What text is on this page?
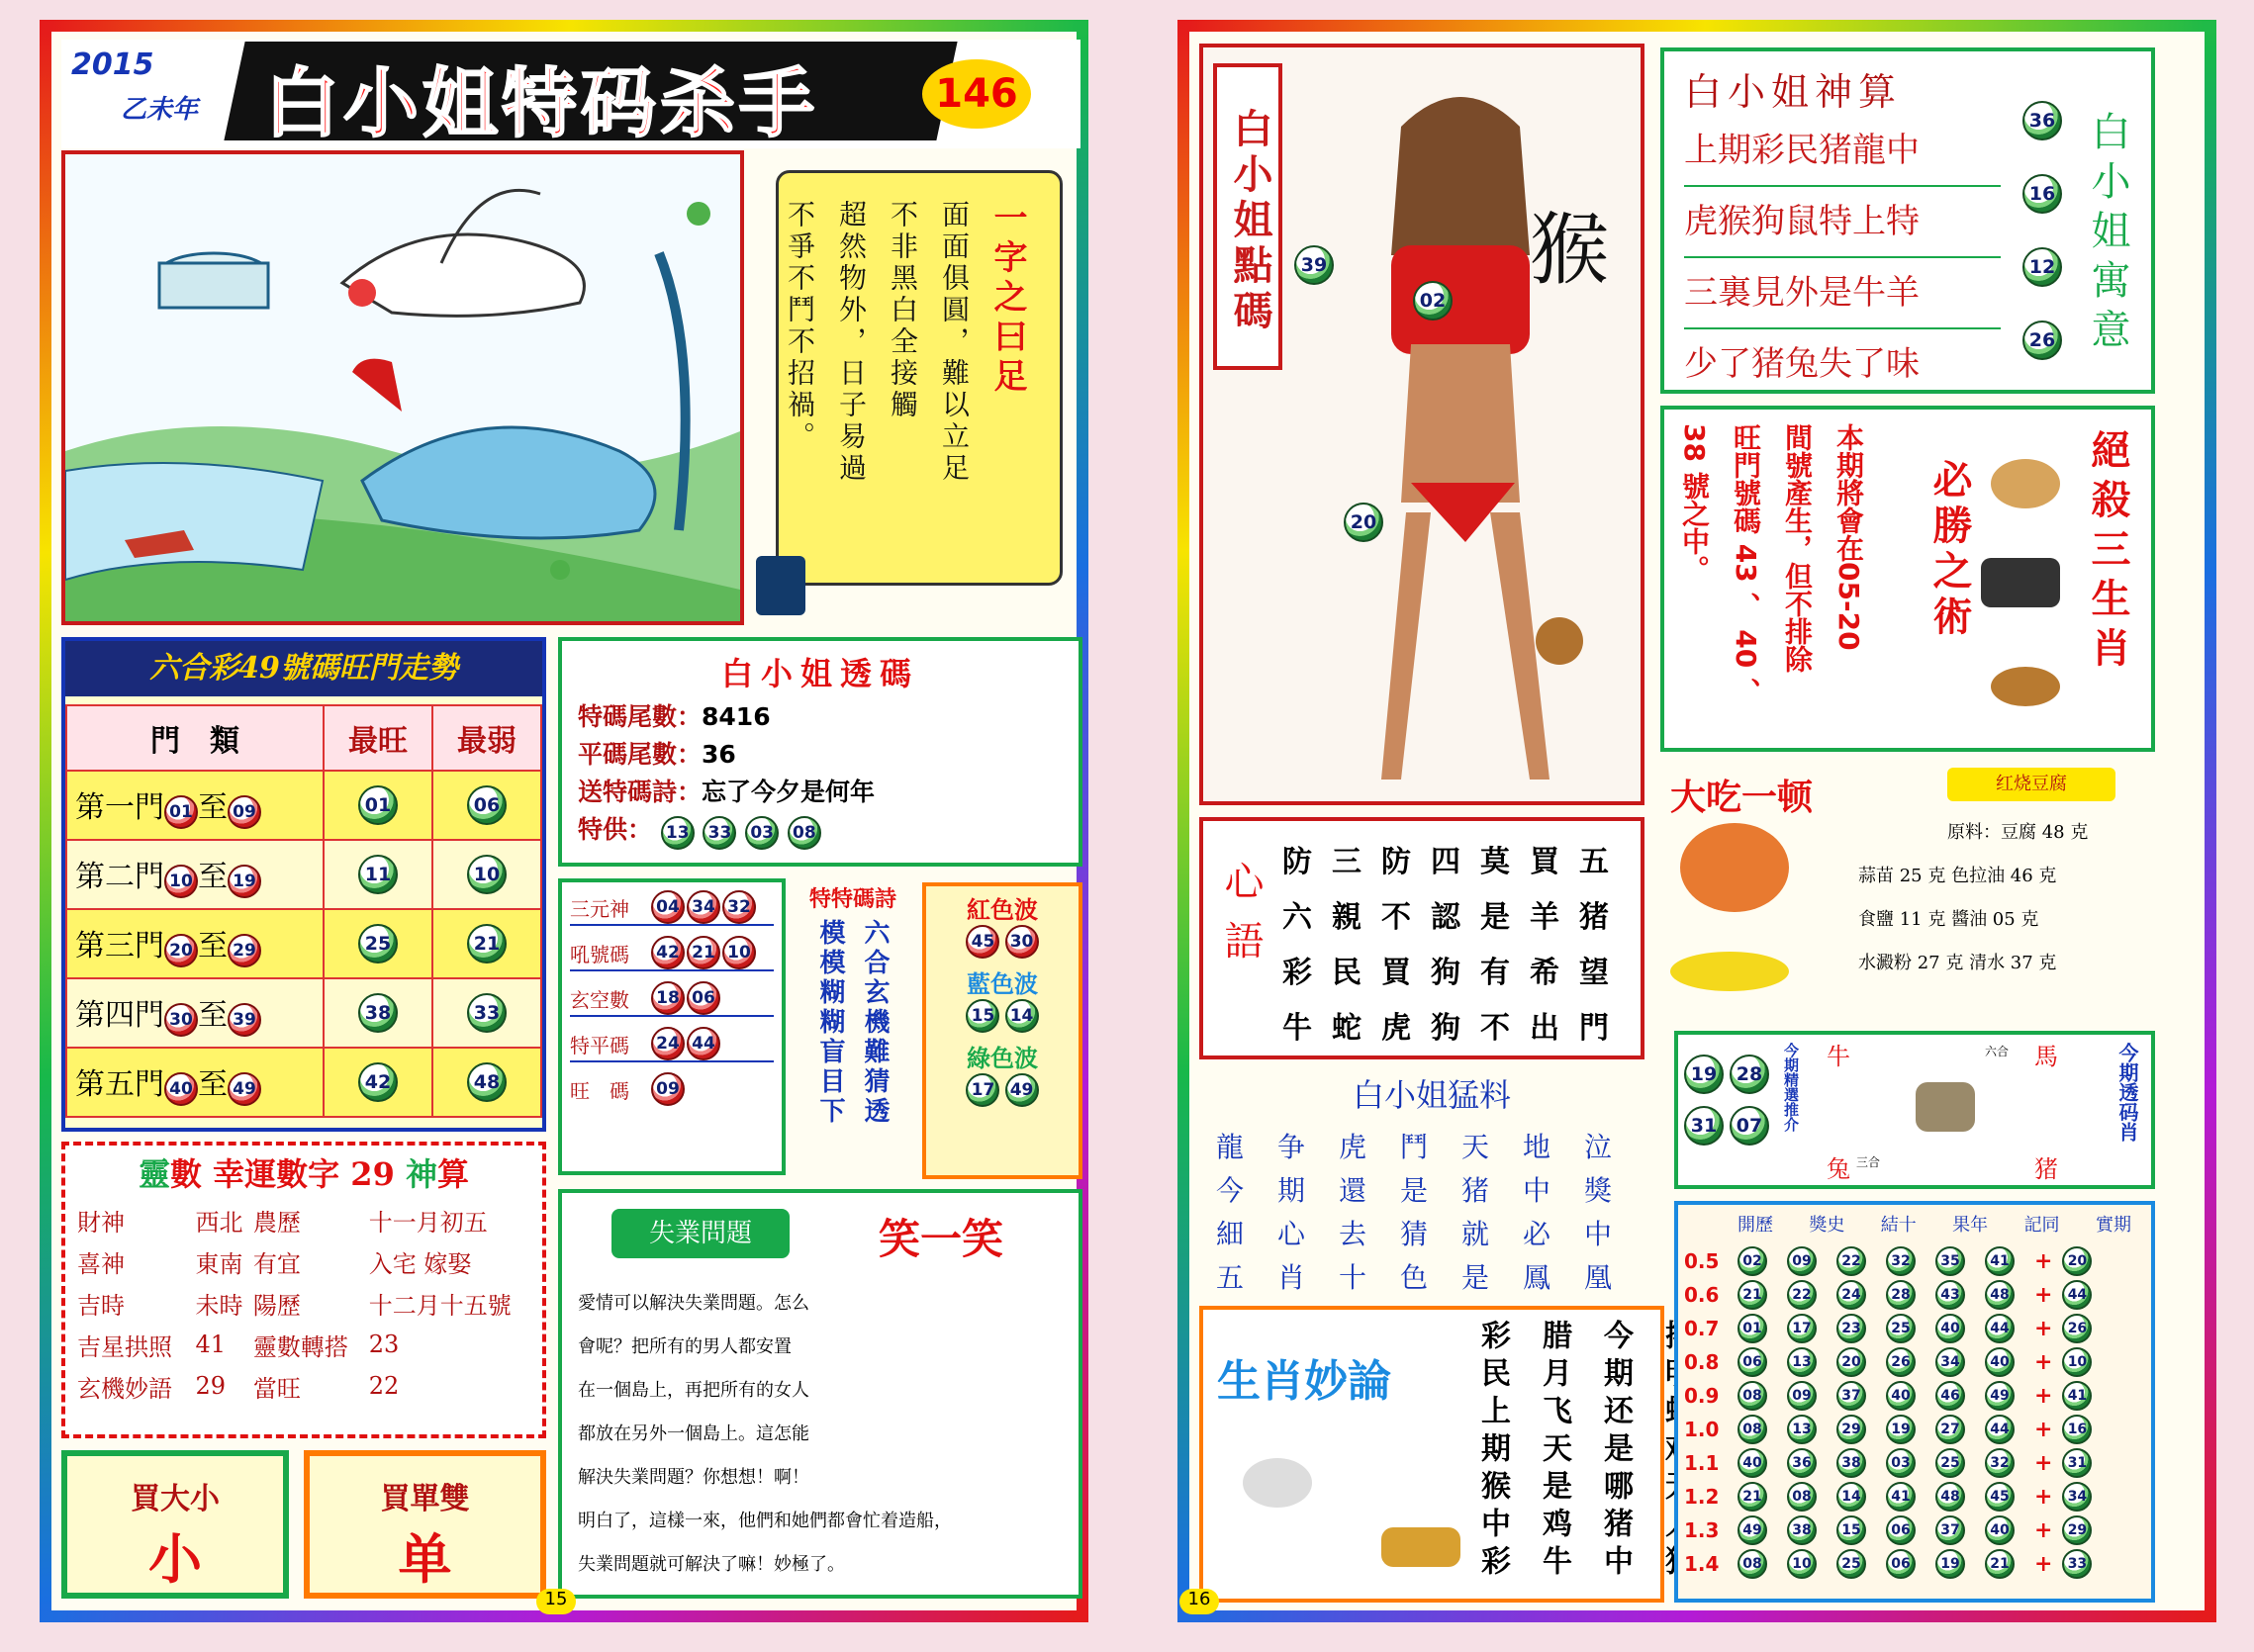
2015
乙未年 白小姐特码杀手	146
一字之曰足
面面俱圓，難以立足
不非黑白全接觸
超然物外，日子易過
不爭不鬥不招禍。
六合彩49號碼旺門走勢
門　類	最旺	最弱
第一門 01 至 09	01	06
第二門 10 至 19	11	10
第三門 20 至 29	25	21
第四門 30 至 39	38	33
第五門 40 至 49	42	48
白小姐透碼
特碼尾數：8416
平碼尾數：36
送特碼詩：忘了今夕是何年
特供： 13 33 03 08
三元神	04 34 32
吼號碼	42 21 10
玄空數	18 06
特平碼	24 44
旺　碼	09
特特碼詩
六合玄機難猜透
模模糊糊盲目下
紅色波
45 30
藍色波
15 14
綠色波
17 49
靈數 幸運數字 29 神算
財神	西北	農歷	十一月初五
喜神	東南	有宜	入宅 嫁娶
吉時	未時	陽歷	十二月十五號
吉星拱照	41	靈數轉搭	23
玄機妙語	29	當旺	22
買大小
小
買單雙
单
失業問題	笑一笑
愛情可以解決失業問題。怎么
會呢？把所有的男人都安置
在一個島上，再把所有的女人
都放在另外一個島上。這怎能
解決失業問題？你想想！啊！
明白了，這樣一來，他們和她們都會忙着造船，
失業問題就可解決了嘛！妙極了。
15
白小姐點碼	猴
39
02
20
白小姐神算
上期彩民猪龍中
虎猴狗鼠特上特
三裏見外是牛羊
少了猪兔失了味
36
16
12
26 白小姐寓意
本期將會在05-20
間號產生，但不排除
旺門號碼 43 、 40 、
38 號之中。	必勝之術	絕殺三生肖
心語 防	三	防	四	莫	買	五
六	親	不	認	是	羊	猪
彩	民	買	狗	有	希	望
牛	蛇	虎	狗	不	出	門
大吃一顿	红烧豆腐
原料：豆腐 48 克
蒜苗 25 克 色拉油 46 克
食鹽 11 克 醬油 05 克
水澱粉 27 克 清水 37 克
19	28
31	07	今期精選推介 牛	馬
兔	猪
三合
六合	今期透码肖
白小姐猛料
龍	争	虎	鬥	天	地	泣
今	期	還	是	猪	中	獎
細	心	去	猜	就	必	中
五	肖	十	色	是	鳳	凰
生肖妙論	今期还是哪猪中
腊月飞天是鸡牛
彩民上期猴中彩
開歷 獎史 結十 果年 記同 實期
0.5	02	09	22	32	35	41 +	20
0.6	21	22	24	28	43	48 +	44
0.7	01	17	23	25	40	44 +	26
0.8	06	13	20	26	34	40 +	10
0.9	08	09	37	40	46	49 +	41
1.0	08	13	29	19	27	44 +	16
1.1	40	36	38	03	25	32 +	31
1.2	21	08	14	41	48	45 +	34
1.3	49	38	15	06	37	40 +	29
1.4	08	10	25	06	19	21 +	33
16
